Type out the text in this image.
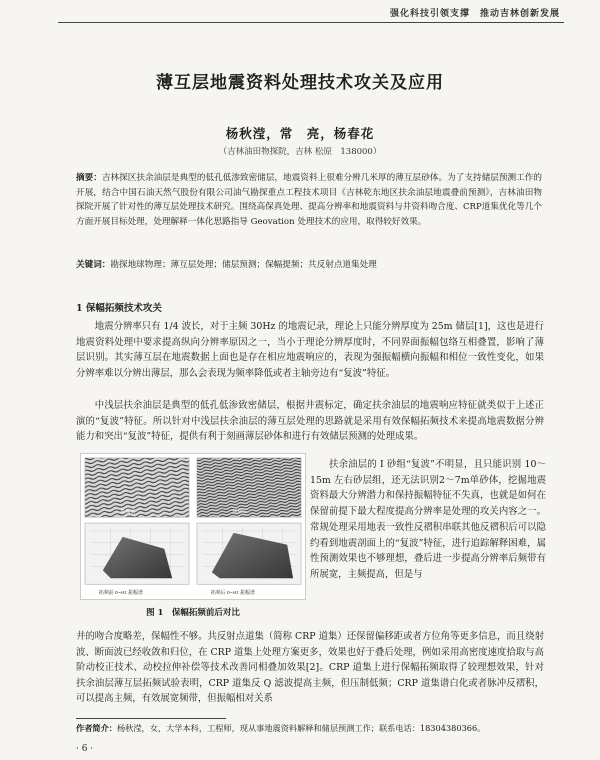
强化科技引领支撑　推动吉林创新发展
薄互层地震资料处理技术攻关及应用
杨秋滢，常　亮，杨春花
（吉林油田物探院，吉林 松原　138000）
摘要：吉林探区扶余油层是典型的低孔低渗致密储层，地震资料上很难分辨几米厚的薄互层砂体。为了支持储层预测工作的开展，结合中国石油天然气股份有限公司油气勘探重点工程技术项目《吉林乾东地区扶余油层地震叠前预测》，吉林油田物探院开展了针对性的薄互层处理技术研究。围绕高保真处理、提高分辨率和地震资料与井资料吻合度、CRP道集优化等几个方面开展目标处理，处理解释一体化思路指导 Geovation 处理技术的应用，取得较好效果。
关键词：勘探地球物理；薄互层处理；储层预测；保幅提频；共反射点道集处理
1 保幅拓频技术攻关

地震分辨率只有 1/4 波长，对于主频 30Hz 的地震记录，理论上只能分辨厚度为 25m 储层[1]，这也是进行地震资料处理中要求提高纵向分辨率原因之一，当小于理论分辨厚度时，不同界面振幅包络互相叠置，影响了薄层识别。其实薄互层在地震数据上面也是存在相应地震响应的，表现为强振幅横向振幅和相位一致性变化，如果分辨率难以分辨出薄层，那么会表现为频率降低或者主轴旁边有“复波”特征。

中浅层扶余油层是典型的低孔低渗致密储层，根据井震标定，确定扶余油层的地震响应特征就类似于上述正演的“复波”特征。所以针对中浅层扶余油层的薄互层处理的思路就是采用有效保幅拓频技术来提高地震数据分辨能力和突出“复波”特征，提供有利于刻画薄层砂体和进行有效储层预测的处理成果。

拓频前	拓频后
拓频前 0~Hz 振幅谱	拓频后 0~Hz 振幅谱
图 1　保幅拓频前后对比

扶余油层的 I 砂组“复波”不明显，且只能识别 10～15m 左右砂层组，还无法识别2～7m单砂体，挖掘地震资料最大分辨潜力和保持振幅特征不失真，也就是如何在保留前提下最大程度提高分辨率是处理的攻关内容之一。常规处理采用地表一致性反褶积串联其他反褶积后可以隐约看到地震剖面上的“复波”特征，进行追踪解释困难，属性预测效果也不够理想，叠后进一步提高分辨率后频带有所展宽，主频提高，但是与

井的吻合度略差，保幅性不够。共反射点道集（简称 CRP 道集）还保留偏移距或者方位角等更多信息，而且绕射波、断面波已经收敛和归位，在 CRP 道集上处理方案更多，效果也好于叠后处理，例如采用高密度速度拾取与高阶动校正技术、动校拉伸补偿等技术改善同相叠加效果[2]。CRP 道集上进行保幅拓频取得了较理想效果，针对扶余油层薄互层拓频试验表明，CRP 道集反 Q 滤波提高主频，但压制低频；CRP 道集谱白化或者脉冲反褶积，可以提高主频，有效展宽频带，但振幅相对关系

作者简介：杨秋滢，女，大学本科，工程师，现从事地震资料解释和储层预测工作；联系电话：18304380366。
· 6 ·
